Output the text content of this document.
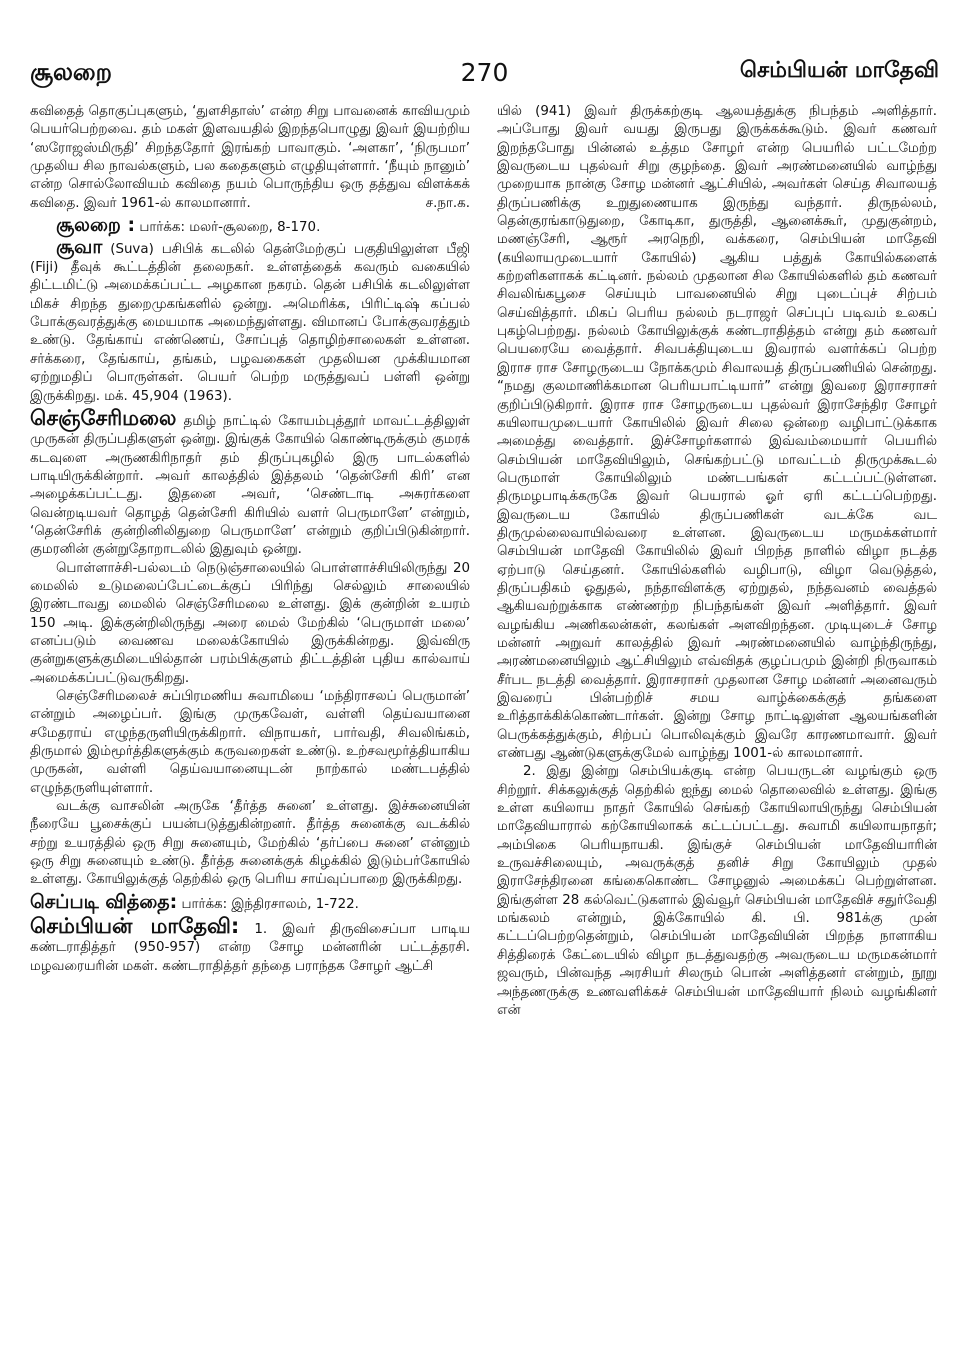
சூலறை	270	செம்பியன் மாதேவி

கவிதைத் தொகுப்புகளும், ‘துளசிதாஸ்’ என்ற சிறு பாவனைக் காவியமும் பெயர்பெற்றவை. தம் மகள் இளவயதில் இறந்தபொழுது இவர் இயற்றிய ‘ஸரோஜஸ்மிருதி’ சிறந்ததோர் இரங்கற் பாவாகும். ‘அளகா’, ‘நிருபமா’ முதலிய சில நாவல்களும், பல கதைகளும் எழுதியுள்ளார். ‘நீயும் நானும்’ என்ற சொல்லோவியம் கவிதை நயம் பொருந்திய ஒரு தத்துவ விளக்கக் கவிதை. இவர் 1961-ல் காலமானார்.	ச.நா.க.

சூலறை : பார்க்க: மலர்-சூலறை, 8-170.

சூவா (Suva) பசிபிக் கடலில் தென்மேற்குப் பகுதியிலுள்ள பீஜி (Fiji) தீவுக் கூட்டத்தின் தலைநகர். உள்ளத்தைக் கவரும் வகையில் திட்டமிட்டு அமைக்கப்பட்ட அழகான நகரம். தென் பசிபிக் கடலிலுள்ள மிகச் சிறந்த துறைமுகங்களில் ஒன்று. அமெரிக்க, பிரிட்டிஷ் கப்பல் போக்குவரத்துக்கு மையமாக அமைந்துள்ளது. விமானப் போக்குவரத்தும் உண்டு. தேங்காய் எண்ணெய், சோப்புத் தொழிற்சாலைகள் உள்ளன. சர்க்கரை, தேங்காய், தங்கம், பழவகைகள் முதலியன முக்கியமான ஏற்றுமதிப் பொருள்கள். பெயர் பெற்ற மருத்துவப் பள்ளி ஒன்று இருக்கிறது. மக். 45,904 (1963).

செஞ்சேரிமலை தமிழ் நாட்டில் கோயம்புத்தூர் மாவட்டத்திலுள் முருகன் திருப்பதிகளுள் ஒன்று. இங்குக் கோயில் கொண்டிருக்கும் குமரக் கடவுளை அருணகிரிநாதர் தம் திருப்புகழில் இரு பாடல்களில் பாடியிருக்கின்றார். அவர் காலத்தில் இத்தலம் ‘தென்சேரி கிரி’ என அழைக்கப்பட்டது. இதனை அவர், ‘செண்டாடி அசுரர்களை வென்றடியவர் தொழத் தென்சேரி கிரியில் வளர் பெருமாளே’ என்றும், ‘தென்சேரிக் குன்றினிலிதுறை பெருமாளே’ என்றும் குறிப்பிடுகின்றார். குமரனின் குன்றுதோறாடலில் இதுவும் ஒன்று.

பொள்ளாச்சி-பல்லடம் நெடுஞ்சாலையில் பொள்ளாச்சியிலிருந்து 20 மைலில் உடுமலைப்பேட்டைக்குப் பிரிந்து செல்லும் சாலையில் இரண்டாவது மைலில் செஞ்சேரிமலை உள்ளது. இக் குன்றின் உயரம் 150 அடி. இக்குன்றிலிருந்து அரை மைல் மேற்கில் ‘பெருமாள் மலை’ எனப்படும் வைணவ மலைக்கோயில் இருக்கின்றது. இவ்விரு குன்றுகளுக்குமிடையில்தான் பரம்பிக்குளம் திட்டத்தின் புதிய கால்வாய் அமைக்கப்பட்டுவருகிறது.

செஞ்சேரிமலைச் சுப்பிரமணிய சுவாமியை ‘மந்திராசலப் பெருமான்’ என்றும் அழைப்பர். இங்கு முருகவேள், வள்ளி தெய்வயானை சமேதராய் எழுந்தருளியிருக்கிறார். விநாயகர், பார்வதி, சிவலிங்கம், திருமால் இம்மூர்த்திகளுக்கும் கருவறைகள் உண்டு. உற்சவமூர்த்தியாகிய முருகன், வள்ளி தெய்வயானையுடன் நாற்கால் மண்டபத்தில் எழுந்தருளியுள்ளார்.

வடக்கு வாசலின் அருகே ‘தீர்த்த சுனை’ உள்ளது. இச்சுனையின் நீரையே பூசைக்குப் பயன்படுத்துகின்றனர். தீர்த்த சுனைக்கு வடக்கில் சற்று உயரத்தில் ஒரு சிறு சுனையும், மேற்கில் ‘தர்ப்பை சுனை’ என்னும் ஒரு சிறு சுனையும் உண்டு. தீர்த்த சுனைக்குக் கிழக்கில் இடும்பர்கோயில் உள்ளது. கோயிலுக்குத் தெற்கில் ஒரு பெரிய சாய்வுப்பாறை இருக்கிறது.

செப்படி வித்தை: பார்க்க: இந்திரசாலம், 1-722.

செம்பியன் மாதேவி: 1. இவர் திருவிசைப்பா பாடிய கண்டராதித்தர் (950-957) என்ற சோழ மன்னரின் பட்டத்தரசி. மழவரையரின் மகள். கண்டராதித்தர் தந்தை பராந்தக சோழர் ஆட்சி

யில் (941) இவர் திருக்கற்குடி ஆலயத்துக்கு நிபந்தம் அளித்தார். அப்போது இவர் வயது இருபது இருக்கக்கூடும். இவர் கணவர் இறந்தபோது பின்னல் உத்தம சோழர் என்ற பெயரில் பட்டமேற்ற இவருடைய புதல்வர் சிறு குழந்தை. இவர் அரண்மனையில் வாழ்ந்து முறையாக நான்கு சோழ மன்னர் ஆட்சியில், அவர்கள் செய்த சிவாலயத் திருப்பணிக்கு உறுதுணையாக இருந்து வந்தார். திருநல்லம், தென்குரங்காடுதுறை, கோடிகா, துருத்தி, ஆனைக்கூர், முதுகுன்றம், மணஞ்சேரி, ஆரூர் அரநெறி, வக்கரை, செம்பியன் மாதேவி (கயிலாயமுடையார் கோயில்) ஆகிய பத்துக் கோயில்களைக் கற்றளிகளாகக் கட்டினர். நல்லம் முதலான சில கோயில்களில் தம் கணவர் சிவலிங்கபூசை செய்யும் பாவனையில் சிறு புடைப்புச் சிற்பம் செய்வித்தார். மிகப் பெரிய நல்லம் நடராஜர் செப்புப் படிவம் உலகப் புகழ்பெற்றது. நல்லம் கோயிலுக்குக் கண்டராதித்தம் என்று தம் கணவர் பெயரையே வைத்தார். சிவபக்தியுடைய இவரால் வளர்க்கப் பெற்ற இராச ராச சோழருடைய நோக்கமும் சிவாலயத் திருப்பணியில் சென்றது. “நமது குலமாணிக்கமான பெரியபாட்டியார்” என்று இவரை இராசராசர் குறிப்பிடுகிறார். இராச ராச சோழருடைய புதல்வர் இராசேந்திர சோழர் கயிலாயமுடையார் கோயிலில் இவர் சிலை ஒன்றை வழிபாட்டுக்காக அமைத்து வைத்தார். இச்சோழர்களால் இவ்வம்மையார் பெயரில் செம்பியன் மாதேவியிலும், செங்கற்பட்டு மாவட்டம் திருமுக்கூடல் பெருமாள் கோயிலிலும் மண்டபங்கள் கட்டப்பட்டுள்ளன. திருமழபாடிக்கருகே இவர் பெயரால் ஓர் ஏரி கட்டப்பெற்றது. இவருடைய கோயில் திருப்பணிகள் வடக்கே வட திருமுல்லைவாயில்வரை உள்ளன. இவருடைய மருமக்கள்மார் செம்பியன் மாதேவி கோயிலில் இவர் பிறந்த நாளில் விழா நடத்த ஏற்பாடு செய்தனர். கோயில்களில் வழிபாடு, விழா வெடுத்தல், திருப்பதிகம் ஓதுதல், நந்தாவிளக்கு ஏற்றுதல், நந்தவனம் வைத்தல் ஆகியவற்றுக்காக எண்ணற்ற நிபந்தங்கள் இவர் அளித்தார். இவர் வழங்கிய அணிகலன்கள், கலங்கள் அளவிறந்தன. முடியுடைச் சோழ மன்னர் அறுவர் காலத்தில் இவர் அரண்மனையில் வாழ்ந்திருந்து, அரண்மனையிலும் ஆட்சியிலும் எவ்விதக் குழப்பமும் இன்றி நிருவாகம் சீர்பட நடத்தி வைத்தார். இராசராசர் முதலான சோழ மன்னர் அனைவரும் இவரைப் பின்பற்றிச் சமய வாழ்க்கைக்குத் தங்களை உரித்தாக்கிக்கொண்டார்கள். இன்று சோழ நாட்டிலுள்ள ஆலயங்களின் பெருக்கத்துக்கும், சிற்பப் பொலிவுக்கும் இவரே காரணமாவார். இவர் எண்பது ஆண்டுகளுக்குமேல் வாழ்ந்து 1001-ல் காலமானார்.

2. இது இன்று செம்பியக்குடி என்ற பெயருடன் வழங்கும் ஒரு சிற்றூர். சிக்கலுக்குத் தெற்கில் ஐந்து மைல் தொலைவில் உள்ளது. இங்கு உள்ள கயிலாய நாதர் கோயில் செங்கற் கோயிலாயிருந்து செம்பியன் மாதேவியாரால் கற்கோயிலாகக் கட்டப்பட்டது. சுவாமி கயிலாயநாதர்; அம்பிகை பெரியநாயகி. இங்குச் செம்பியன் மாதேவியாரின் உருவச்சிலையும், அவருக்குத் தனிச் சிறு கோயிலும் முதல் இராசேந்திரனை கங்கைகொண்ட சோழனுல் அமைக்கப் பெற்றுள்ளன. இங்குள்ள 28 கல்வெட்டுகளால் இவ்வூர் செம்பியன் மாதேவிச் சதுர்வேதி மங்கலம் என்றும், இக்கோயில் கி. பி. 981க்கு முன் கட்டப்பெற்றதென்றும், செம்பியன் மாதேவியின் பிறந்த நாளாகிய சித்திரைக் கேட்டையில் விழா நடத்துவதற்கு அவருடைய மருமகன்மார் ஜவரும், பின்வந்த அரசியர் சிலரும் பொன் அளித்தனர் என்றும், நூறு அந்தணருக்கு உணவளிக்கச் செம்பியன் மாதேவியார் நிலம் வழங்கினர் என்
